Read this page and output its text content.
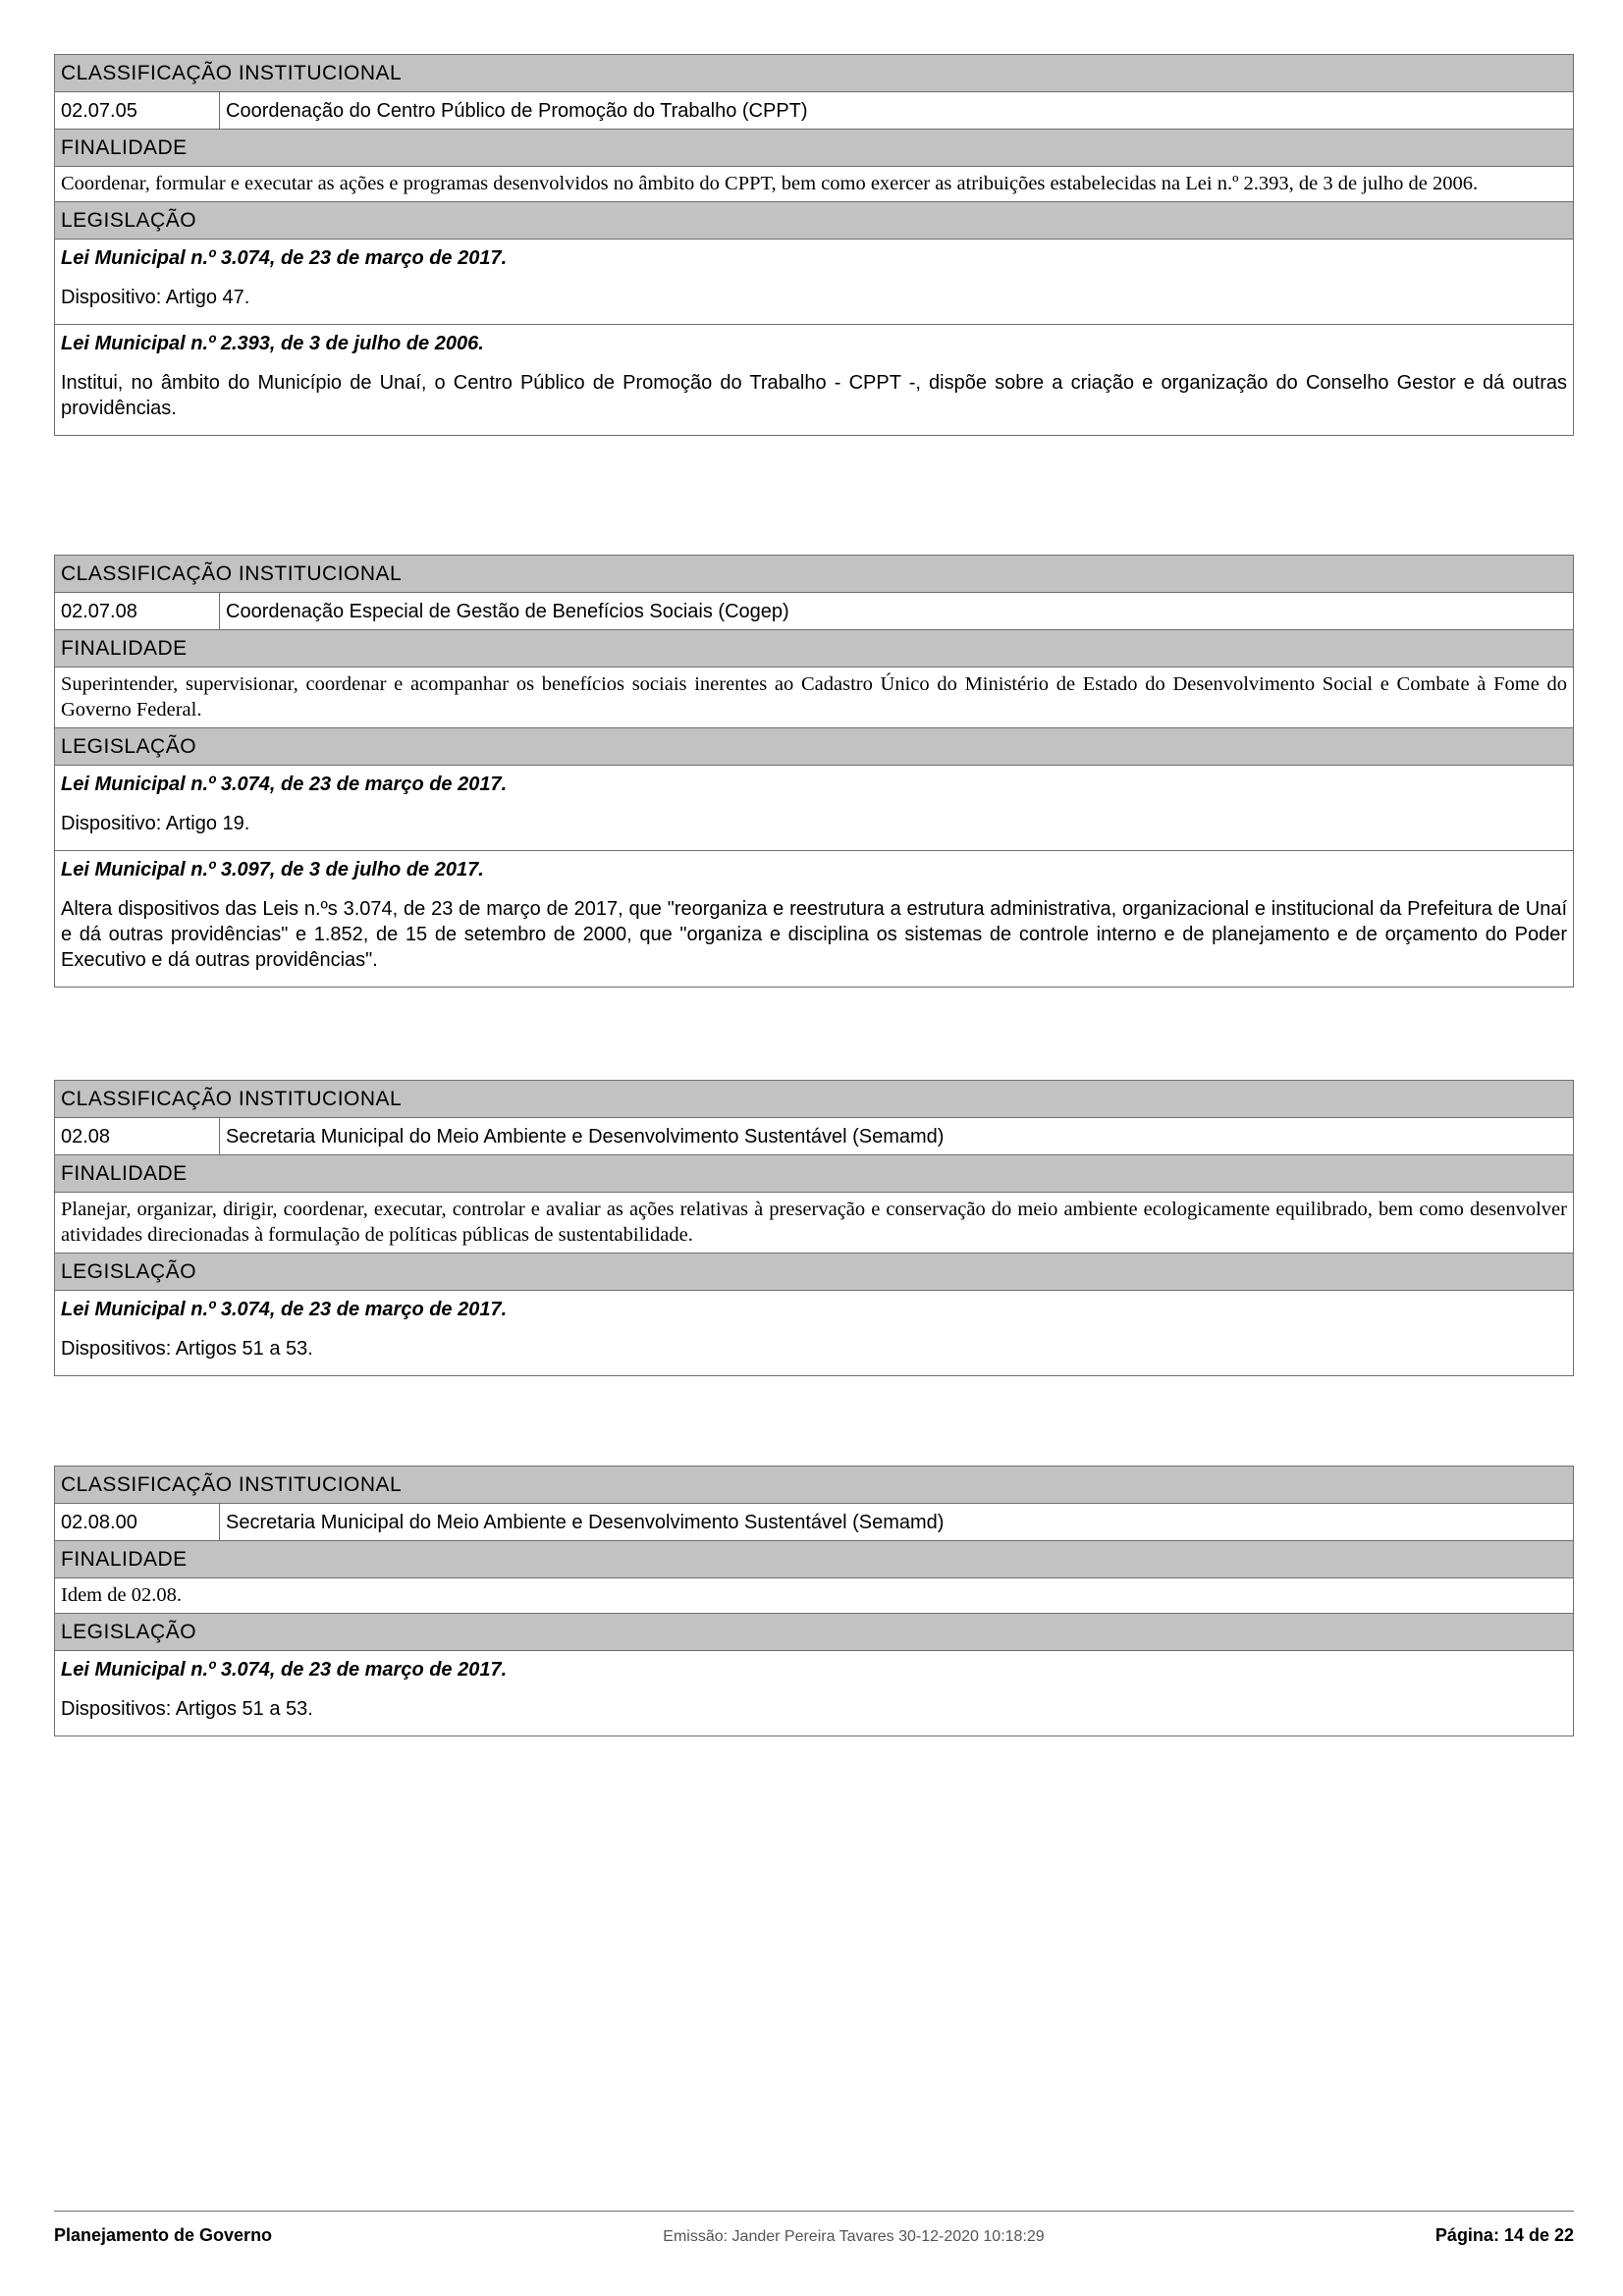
CLASSIFICAÇÃO INSTITUCIONAL
02.07.05	Coordenação do Centro Público de Promoção do Trabalho (CPPT)
FINALIDADE
Coordenar, formular e executar as ações e programas desenvolvidos no âmbito do CPPT, bem como exercer as atribuições estabelecidas na Lei n.º 2.393, de 3 de julho de 2006.
LEGISLAÇÃO
Lei Municipal n.º 3.074, de 23 de março de 2017.
Dispositivo: Artigo 47.
Lei Municipal n.º 2.393, de 3 de julho de 2006.
Institui, no âmbito do Município de Unaí, o Centro Público de Promoção do Trabalho - CPPT -, dispõe sobre a criação e organização do Conselho Gestor e dá outras providências.
CLASSIFICAÇÃO INSTITUCIONAL
02.07.08	Coordenação Especial de Gestão de Benefícios Sociais (Cogep)
FINALIDADE
Superintender, supervisionar, coordenar e acompanhar os benefícios sociais inerentes ao Cadastro Único do Ministério de Estado do Desenvolvimento Social e Combate à Fome do Governo Federal.
LEGISLAÇÃO
Lei Municipal n.º 3.074, de 23 de março de 2017.
Dispositivo: Artigo 19.
Lei Municipal n.º 3.097, de 3 de julho de 2017.
Altera dispositivos das Leis n.ºs 3.074, de 23 de março de 2017, que "reorganiza e reestrutura a estrutura administrativa, organizacional e institucional da Prefeitura de Unaí e dá outras providências" e 1.852, de 15 de setembro de 2000, que "organiza e disciplina os sistemas de controle interno e de planejamento e de orçamento do Poder Executivo e dá outras providências".
CLASSIFICAÇÃO INSTITUCIONAL
02.08	Secretaria Municipal do Meio Ambiente e Desenvolvimento Sustentável (Semamd)
FINALIDADE
Planejar, organizar, dirigir, coordenar, executar, controlar e avaliar as ações relativas à preservação e conservação do meio ambiente ecologicamente equilibrado, bem como desenvolver atividades direcionadas à formulação de políticas públicas de sustentabilidade.
LEGISLAÇÃO
Lei Municipal n.º 3.074, de 23 de março de 2017.
Dispositivos: Artigos 51 a 53.
CLASSIFICAÇÃO INSTITUCIONAL
02.08.00	Secretaria Municipal do Meio Ambiente e Desenvolvimento Sustentável (Semamd)
FINALIDADE
Idem de 02.08.
LEGISLAÇÃO
Lei Municipal n.º 3.074, de 23 de março de 2017.
Dispositivos: Artigos 51 a 53.
Planejamento de Governo	Emissão: Jander Pereira Tavares 30-12-2020 10:18:29	Página: 14 de 22
